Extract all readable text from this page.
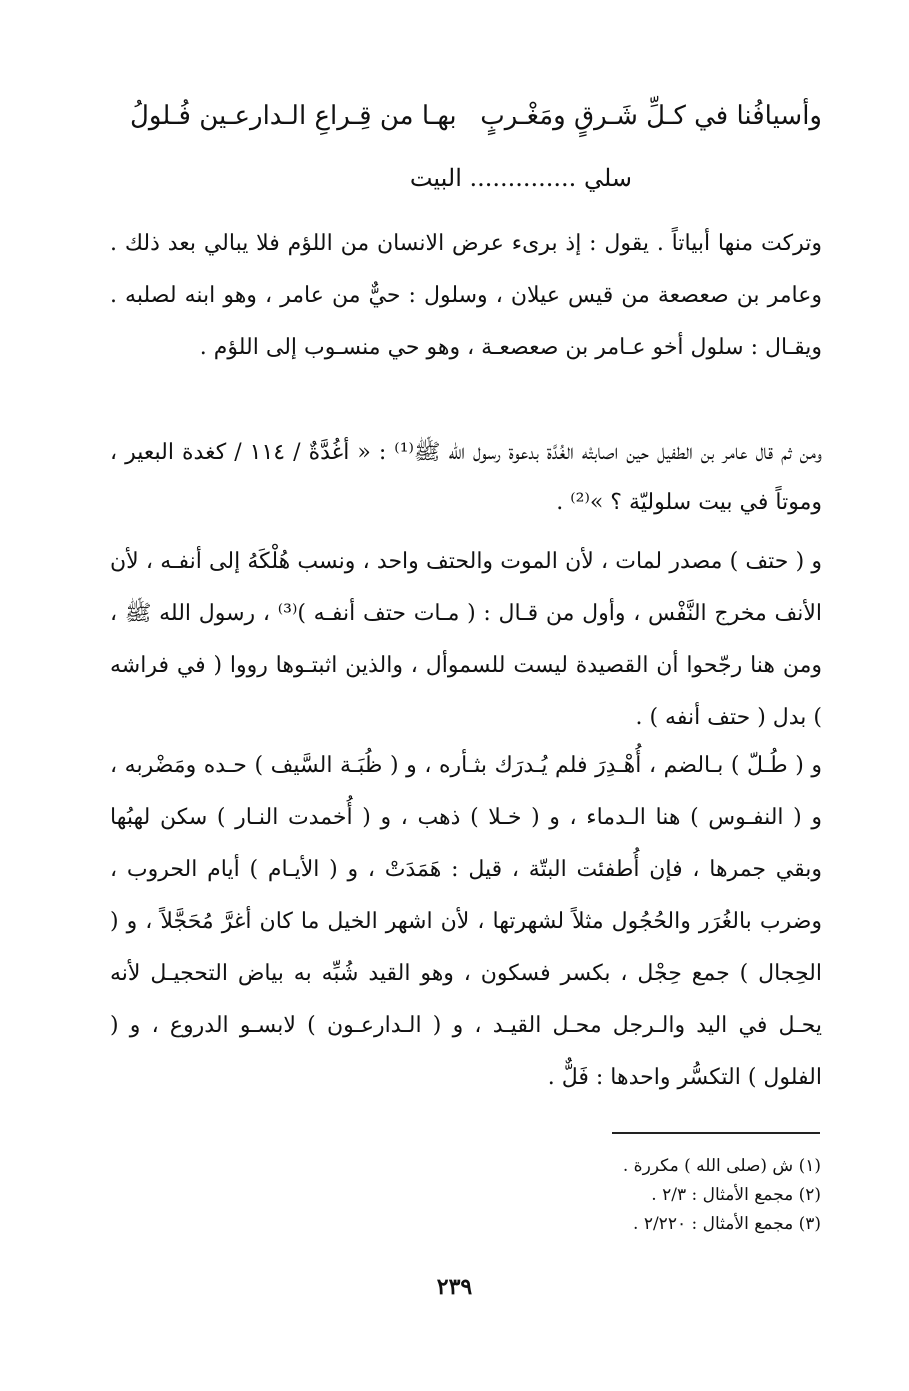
وأسيافُنا في كـلِّ شَـرقٍ ومَغْـربٍ
بهـا من قِـراعِ الـدارعـين فُـلولُ
سلي .............. البيت

وتركت منها أبياتاً . يقول : إذ برىء عرض الانسان من اللؤم فلا يبالي بعد ذلك . وعامر بن صعصعة من قيس عيلان ، وسلول : حيٌّ من عامر ، وهو ابنه لصلبه . ويقـال : سلول أخو عـامر بن صعصعـة ، وهو حي منسـوب إلى اللؤم .

ومن ثم قال عامر بن الطفيل حين اصابتْه الغُدَّة بدعوة رسول الله ﷺ⁽¹⁾ : « أغُدَّةٌ / ١١٤ / كغدة البعير ، وموتاً في بيت سلوليّة ؟ »⁽²⁾ .

و ( حتف ) مصدر لمات ، لأن الموت والحتف واحد ، ونسب هُلْكَهُ إلى أنفـه ، لأن الأنف مخرج النَّفْس ، وأول من قـال : ( مـات حتف أنفـه )⁽³⁾ ، رسول الله ﷺ ، ومن هنا رجّحوا أن القصيدة ليست للسموأل ، والذين اثبتـوها رووا ( في فراشه ) بدل ( حتف أنفه ) .

و ( طُـلّ ) بـالضم ، أُهْـدِرَ فلم يُـدرَك بثـأره ، و ( ظُبَـة السَّيف ) حـده ومَضْربه ، و ( النفـوس ) هنا الـدماء ، و ( خـلا ) ذهب ، و ( أُخمدت النـار ) سكن لهبُها وبقي جمرها ، فإن أُطفئت البتّة ، قيل : هَمَدَتْ ، و ( الأيـام ) أيام الحروب ، وضرب بالغُرَر والحُجُول مثلاً لشهرتها ، لأن اشهر الخيل ما كان أغرَّ مُحَجَّلاً ، و ( الحِجال ) جمع حِجْل ، بكسر فسكون ، وهو القيد شُبِّه به بياض التحجيـل لأنه يحـل في اليد والـرجل محـل القيـد ، و ( الـدارعـون ) لابسـو الدروع ، و ( الفلول ) التكسُّر واحدها : فَلٌّ .

(١) ش (صلى الله ) مكررة .

(٢) مجمع الأمثال : ٢/٣ .

(٣) مجمع الأمثال : ٢/٢٢٠ .

٢٣٩
